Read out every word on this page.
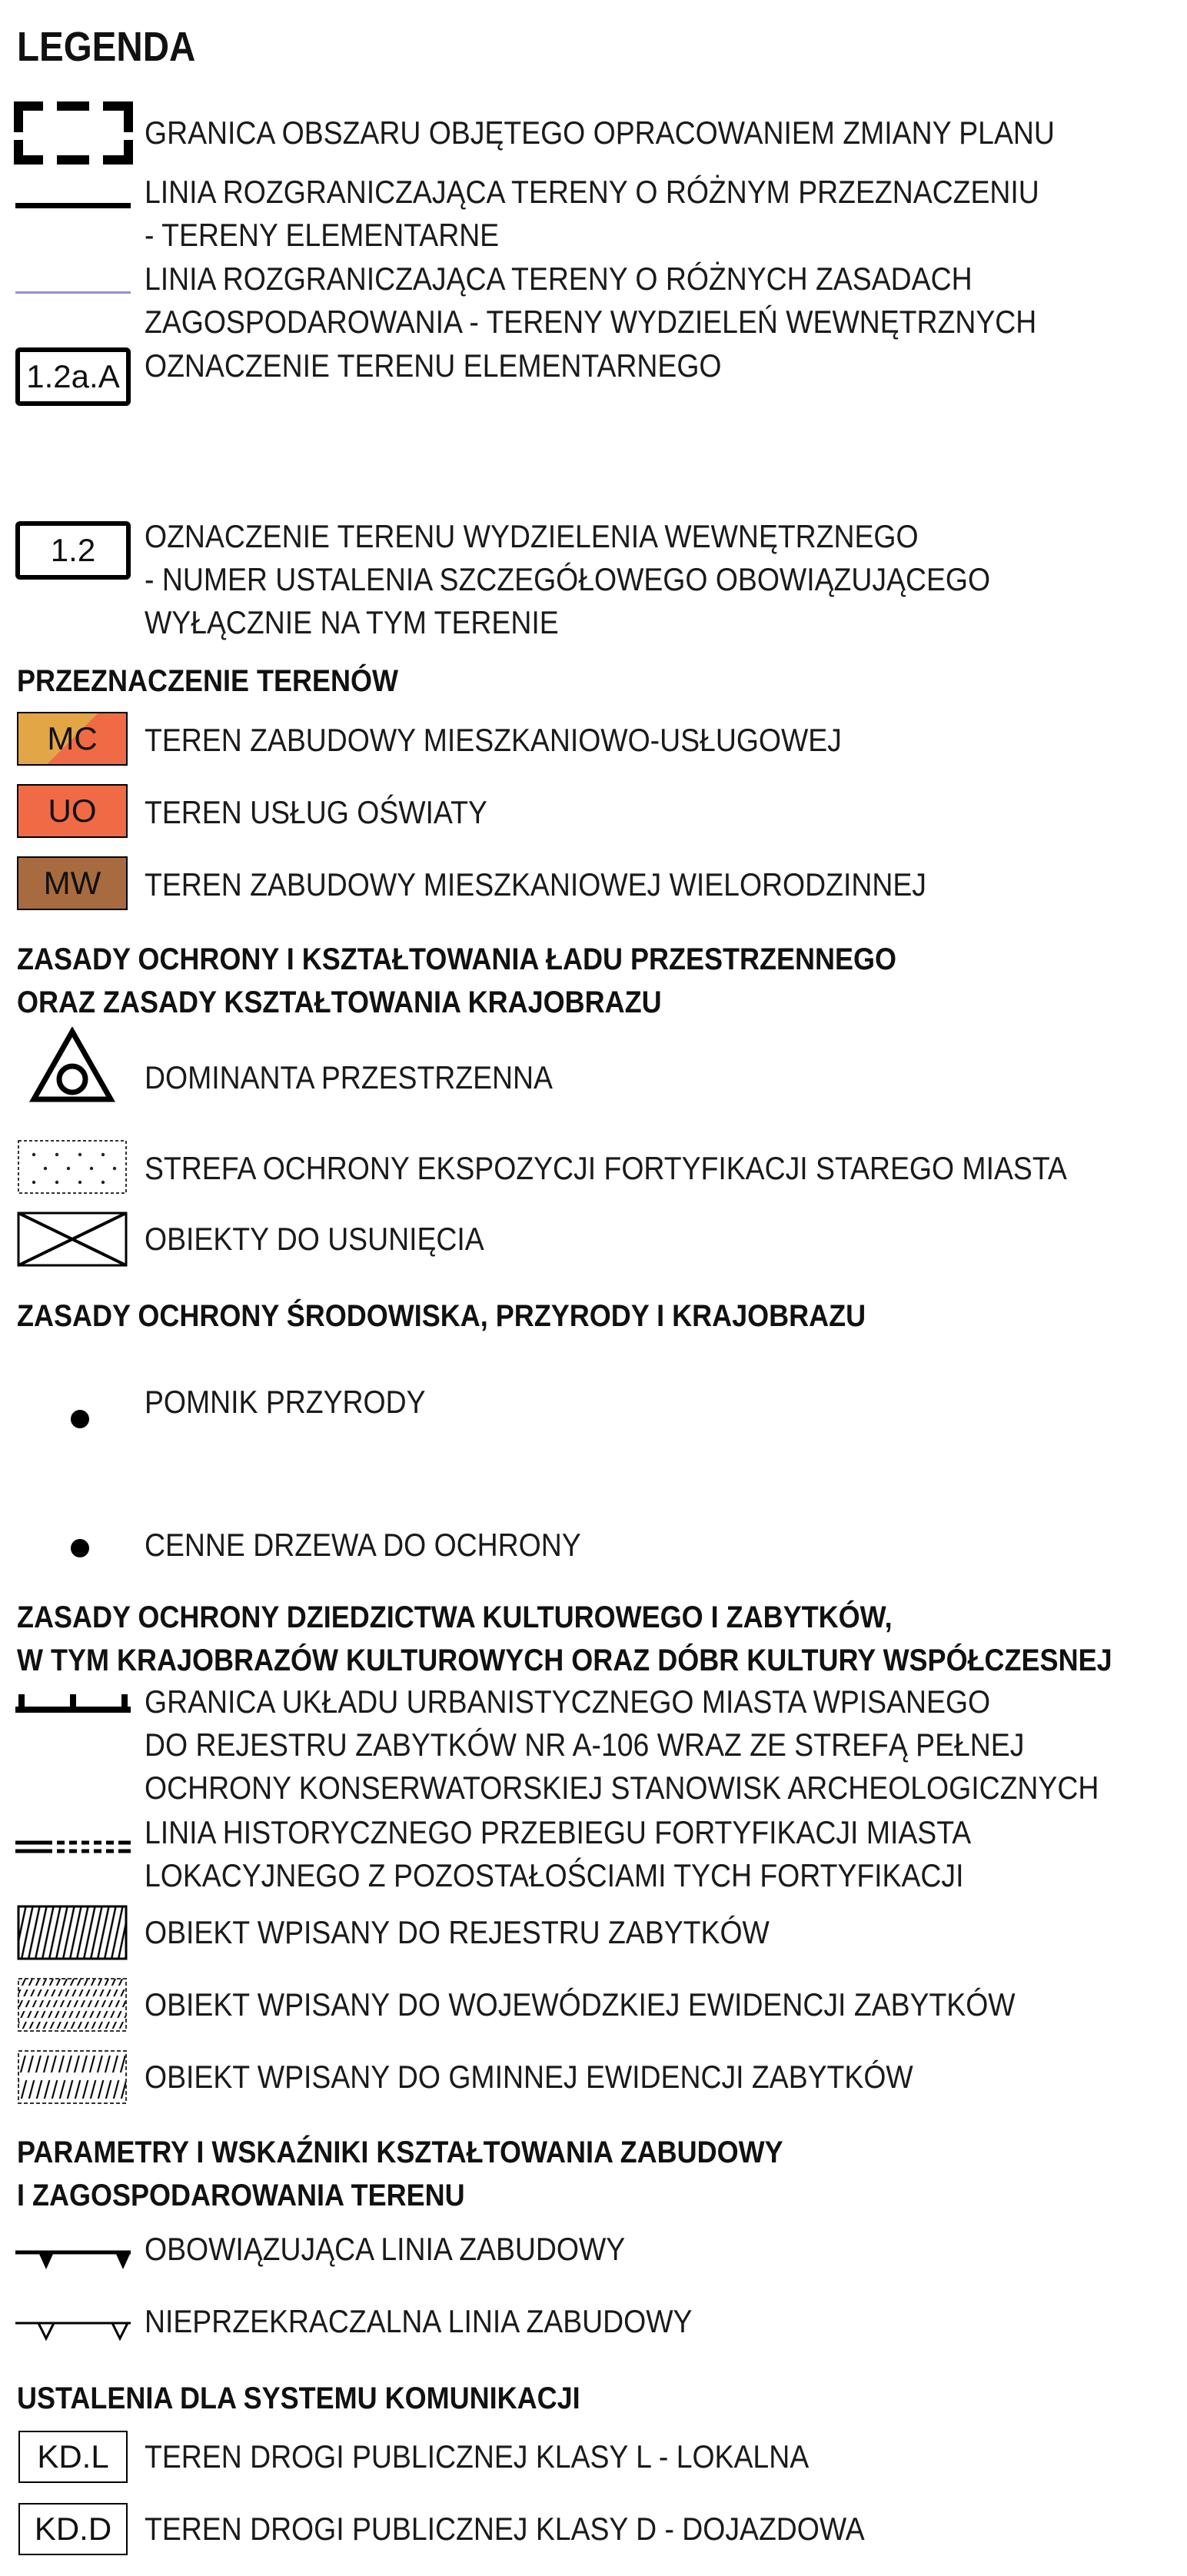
LEGENDA
GRANICA OBSZARU OBJĘTEGO OPRACOWANIEM ZMIANY PLANU
LINIA ROZGRANICZAJĄCA TERENY O RÓŻNYM PRZEZNACZENIU
- TERENY ELEMENTARNE
LINIA ROZGRANICZAJĄCA TERENY O RÓŻNYCH ZASADACH
ZAGOSPODAROWANIA - TERENY WYDZIELEŃ WEWNĘTRZNYCH
1.2a.A OZNACZENIE TERENU ELEMENTARNEGO
1.2 OZNACZENIE TERENU WYDZIELENIA WEWNĘTRZNEGO
- NUMER USTALENIA SZCZEGÓŁOWEGO OBOWIĄZUJĄCEGO
WYŁĄCZNIE NA TYM TERENIE
PRZEZNACZENIE TERENÓW
MC TEREN ZABUDOWY MIESZKANIOWO-USŁUGOWEJ
UO TEREN USŁUG OŚWIATY
MW TEREN ZABUDOWY MIESZKANIOWEJ WIELORODZINNEJ
ZASADY OCHRONY I KSZTAŁTOWANIA ŁADU PRZESTRZENNEGO
ORAZ ZASADY KSZTAŁTOWANIA KRAJOBRAZU
DOMINANTA PRZESTRZENNA
STREFA OCHRONY EKSPOZYCJI FORTYFIKACJI STAREGO MIASTA
OBIEKTY DO USUNIĘCIA
ZASADY OCHRONY ŚRODOWISKA, PRZYRODY I KRAJOBRAZU
POMNIK PRZYRODY
CENNE DRZEWA DO OCHRONY
ZASADY OCHRONY DZIEDZICTWA KULTUROWEGO I ZABYTKÓW,
W TYM KRAJOBRAZÓW KULTUROWYCH ORAZ DÓBR KULTURY WSPÓŁCZESNEJ
GRANICA UKŁADU URBANISTYCZNEGO MIASTA WPISANEGO
DO REJESTRU ZABYTKÓW NR A-106 WRAZ ZE STREFĄ PEŁNEJ
OCHRONY KONSERWATORSKIEJ STANOWISK ARCHEOLOGICZNYCH
LINIA HISTORYCZNEGO PRZEBIEGU FORTYFIKACJI MIASTA
LOKACYJNEGO Z POZOSTAŁOŚCIAMI TYCH FORTYFIKACJI
OBIEKT WPISANY DO REJESTRU ZABYTKÓW
OBIEKT WPISANY DO WOJEWÓDZKIEJ EWIDENCJI ZABYTKÓW
OBIEKT WPISANY DO GMINNEJ EWIDENCJI ZABYTKÓW
PARAMETRY I WSKAŹNIKI KSZTAŁTOWANIA ZABUDOWY
I ZAGOSPODAROWANIA TERENU
OBOWIĄZUJĄCA LINIA ZABUDOWY
NIEPRZEKRACZALNA LINIA ZABUDOWY
USTALENIA DLA SYSTEMU KOMUNIKACJI
KD.L TEREN DROGI PUBLICZNEJ KLASY L - LOKALNA
KD.D TEREN DROGI PUBLICZNEJ KLASY D - DOJAZDOWA
